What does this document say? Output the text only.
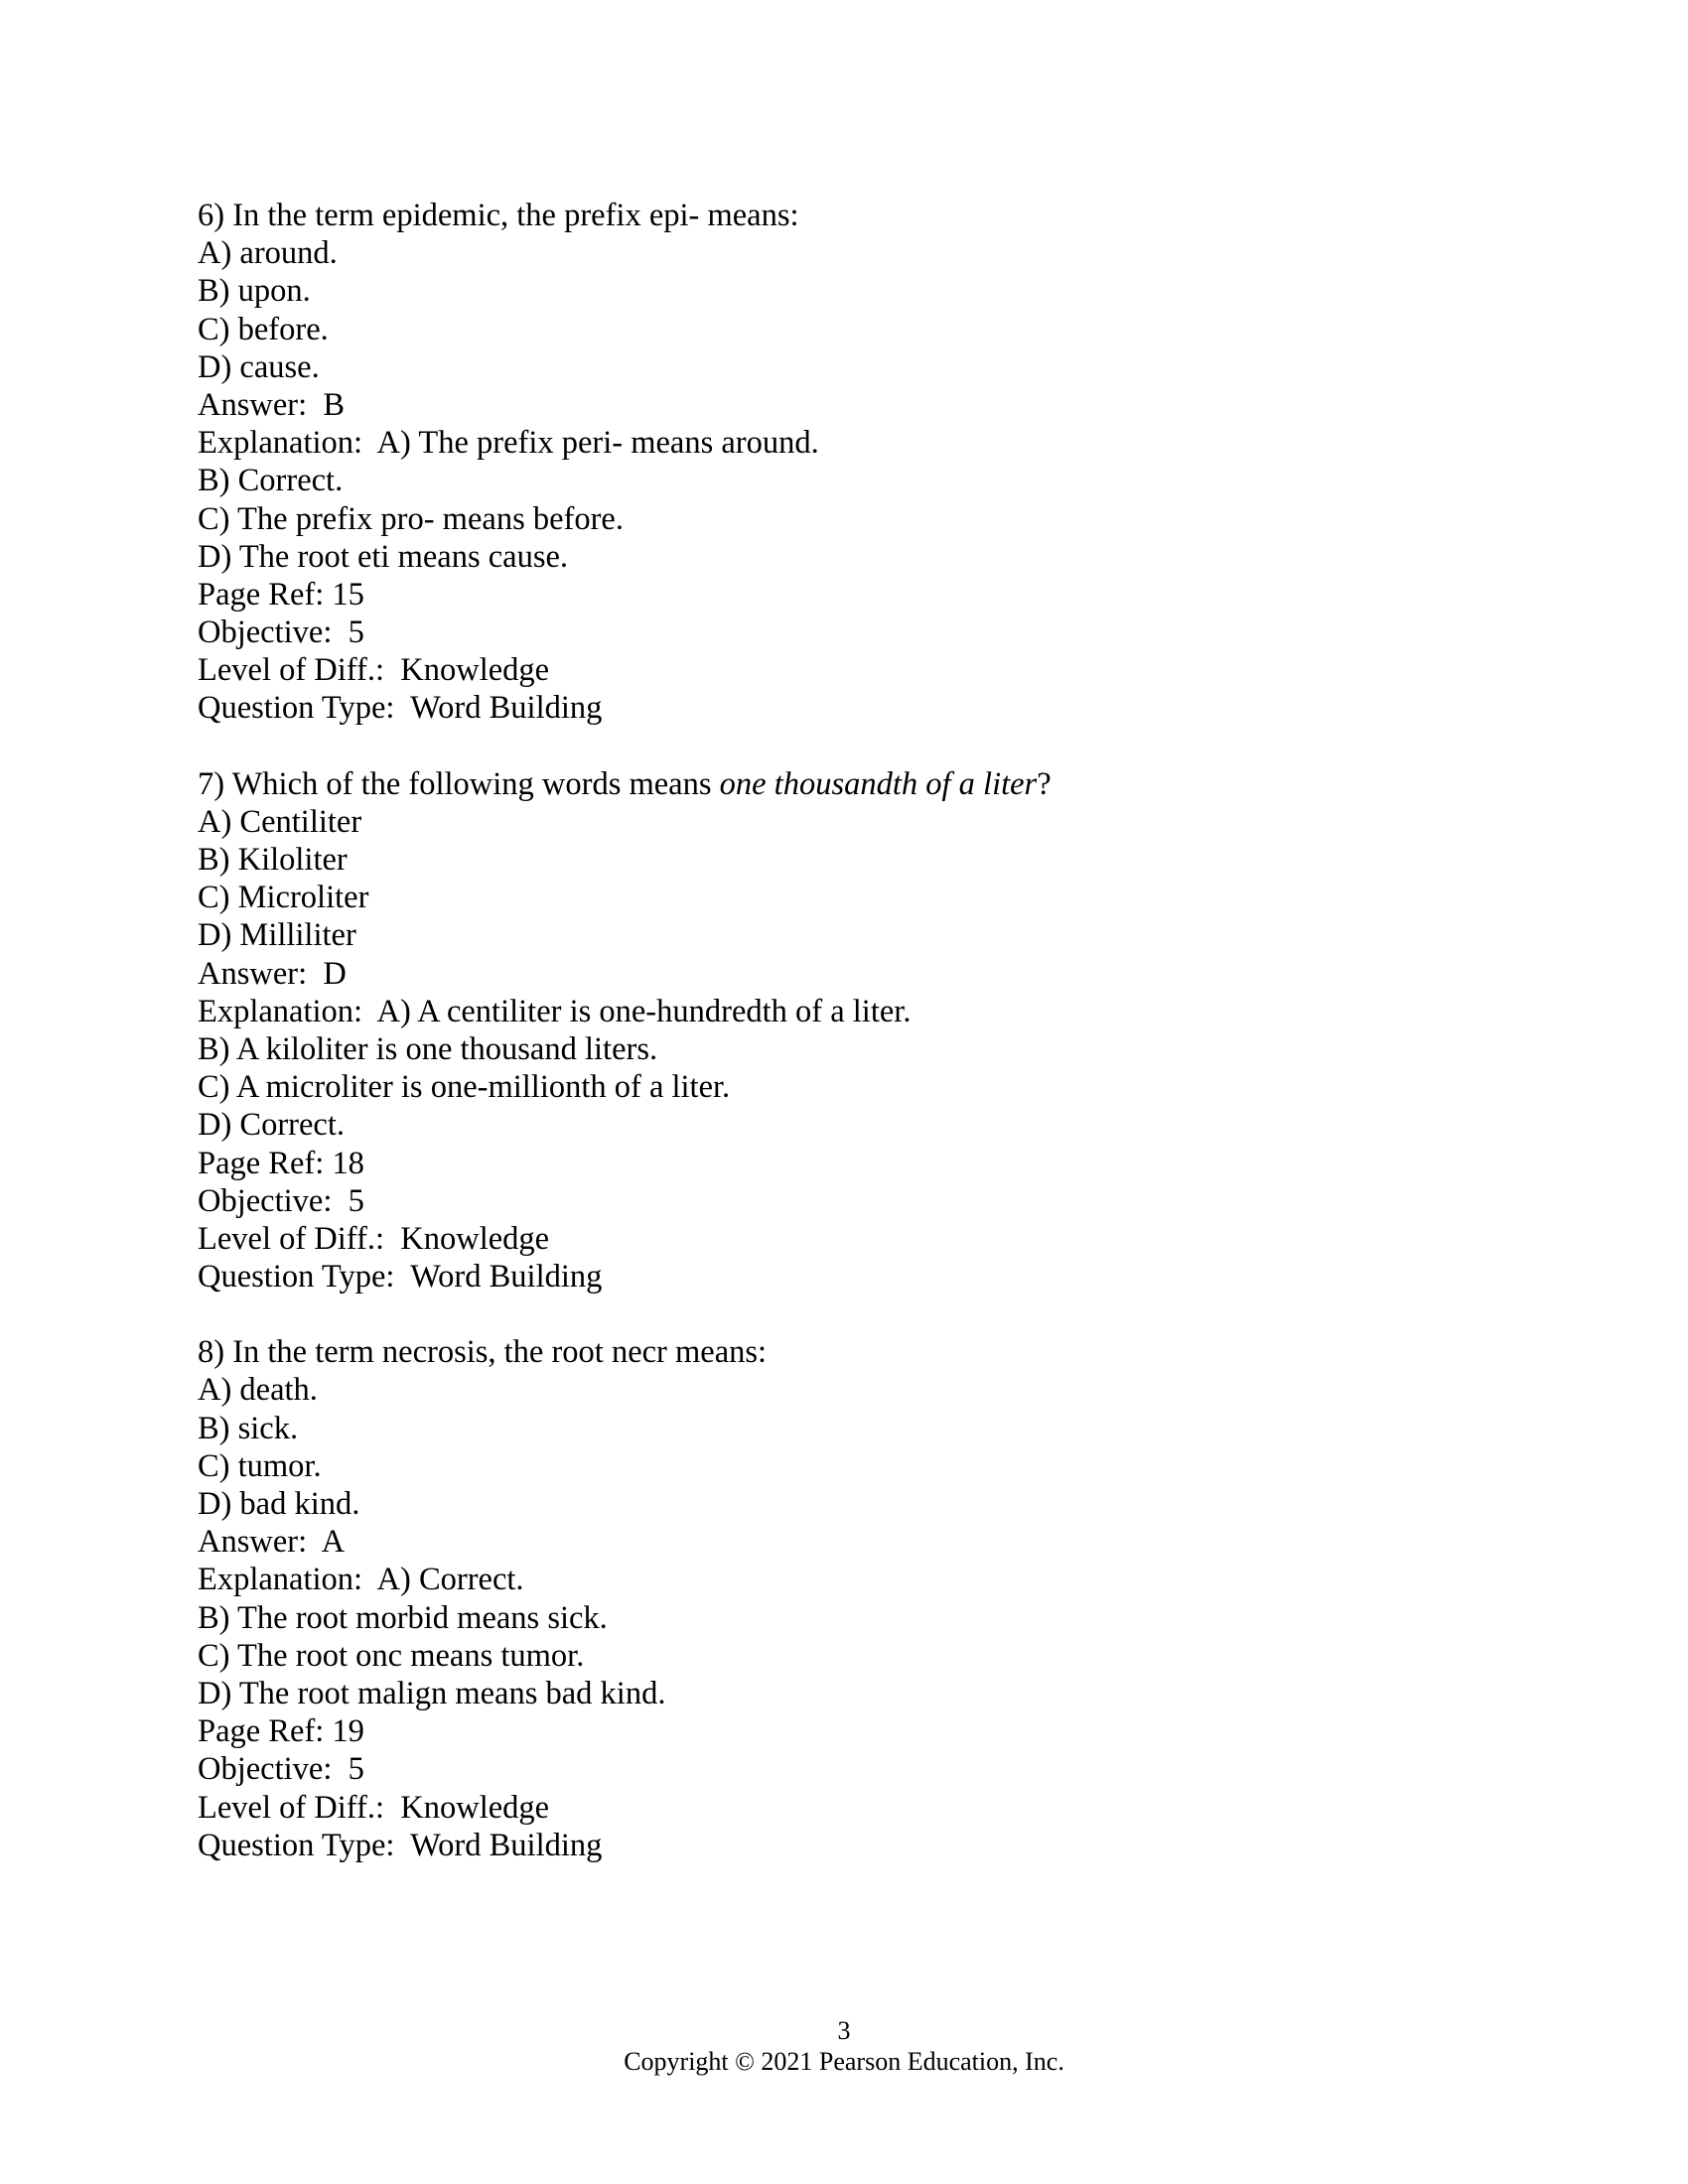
6) In the term epidemic, the prefix epi- means:
A) around.
B) upon.
C) before.
D) cause.
Answer:  B
Explanation:  A) The prefix peri- means around.
B) Correct.
C) The prefix pro- means before.
D) The root eti means cause.
Page Ref: 15
Objective:  5
Level of Diff.:  Knowledge
Question Type:  Word Building
7) Which of the following words means one thousandth of a liter?
A) Centiliter
B) Kiloliter
C) Microliter
D) Milliliter
Answer:  D
Explanation:  A) A centiliter is one-hundredth of a liter.
B) A kiloliter is one thousand liters.
C) A microliter is one-millionth of a liter.
D) Correct.
Page Ref: 18
Objective:  5
Level of Diff.:  Knowledge
Question Type:  Word Building
8) In the term necrosis, the root necr means:
A) death.
B) sick.
C) tumor.
D) bad kind.
Answer:  A
Explanation:  A) Correct.
B) The root morbid means sick.
C) The root onc means tumor.
D) The root malign means bad kind.
Page Ref: 19
Objective:  5
Level of Diff.:  Knowledge
Question Type:  Word Building
3
Copyright © 2021 Pearson Education, Inc.
